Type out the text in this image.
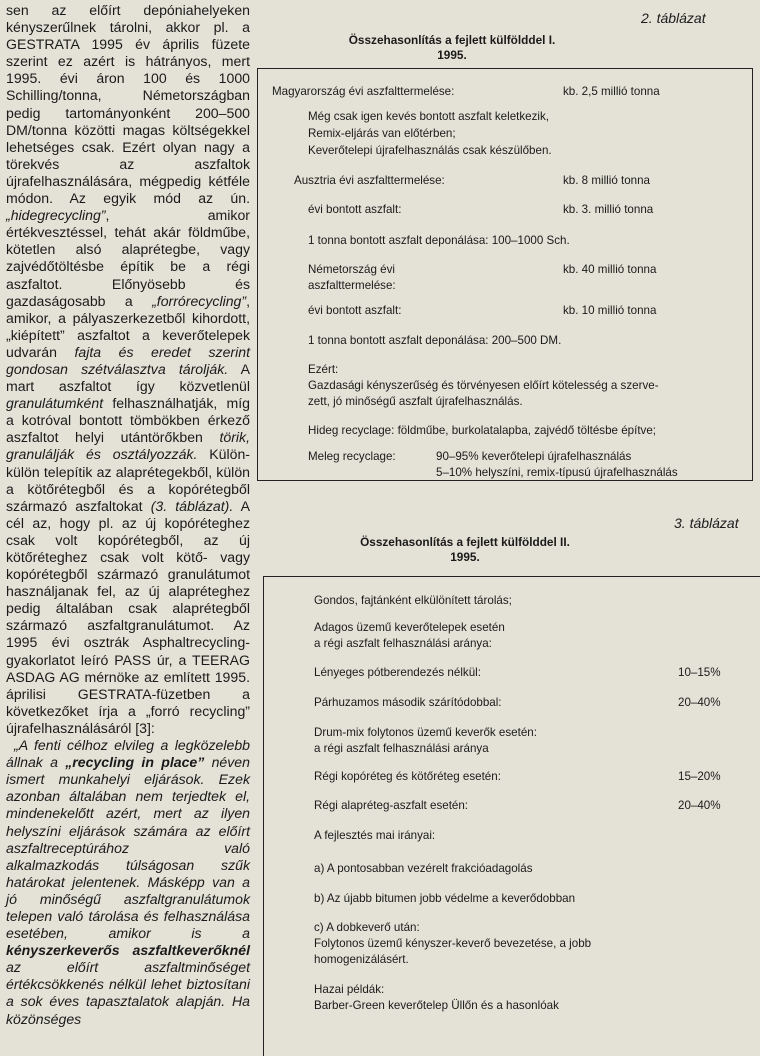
sen az előírt depóniahelyeken kényszerűlnek tárolni, akkor pl. a GESTRATA 1995 év április füzete szerint ez azért is hátrányos, mert 1995. évi áron 100 és 1000 Schilling/tonna, Németországban pedig tartományonként 200–500 DM/tonna közötti magas költségekkel lehetséges csak. Ezért olyan nagy a törekvés az aszfaltok újrafelhasználására, mégpedig kétféle módon. Az egyik mód az ún. „hidegrecycling”, amikor értékvesztéssel, tehát akár földműbe, kötetlen alsó alaprétegbe, vagy zajvédőtöltésbe építik be a régi aszfaltot. Előnyösebb és gazdaságosabb a „forrórecycling”, amikor, a pályaszerkezetből kihordott, „kiépített” aszfaltot a keverőtelepek udvarán fajta és eredet szerint gondosan szétválasztva tárolják. A mart aszfaltot így közvetlenül granulátumként felhasználhatják, míg a kotróval bontott tömbökben érkező aszfaltot helyi utántörőkben törik, granulálják és osztályozzák. Külön-külön telepítik az alaprétegekből, külön a kötőrétegből és a kopórétegből származó aszfaltokat (3. táblázat). A cél az, hogy pl. az új kopóréteghez csak volt kopórétegből, az új kötőréteghez csak volt kötő- vagy kopórétegből származó granulátumot használjanak fel, az új alapréteghez pedig általában csak alaprétegből származó aszfaltgranulátumot. Az 1995 évi osztrák Asphaltrecycling-gyakorlatot leíró PASS úr, a TEERAG ASDAG AG mérnöke az említett 1995. áprilisi GESTRATA-füzetben a következőket írja a „forró recycling” újrafelhasználásáról [3]:

„A fenti célhoz elvileg a legközelebb állnak a „recycling in place” néven ismert munkahelyi eljárások. Ezek azonban általában nem terjedtek el, mindenekelőtt azért, mert az ilyen helyszíni eljárások számára az előírt aszfaltreceptúrához való alkalmazkodás túlságosan szűk határokat jelentenek. Másképp van a jó minőségű aszfaltgranulátumok telepen való tárolása és felhasználása esetében, amikor is a kényszerkeverős aszfaltkeverőknél az előírt aszfaltminőséget értékcsökkenés nélkül lehet biztosítani a sok éves tapasztalatok alapján. Ha közönséges

2. táblázat
Összehasonlítás a fejlett külfölddel I.
1995.
Magyarország évi aszfalttermelése:	kb. 2,5 millió tonna
Még csak igen kevés bontott aszfalt keletkezik,
Remix-eljárás van előtérben;
Keverőtelepi újrafelhasználás csak készülőben.
Ausztria évi aszfalttermelése:	kb. 8 millió tonna
évi bontott aszfalt:	kb. 3. millió tonna
1 tonna bontott aszfalt deponálása: 100–1000 Sch.
Németország évi	kb. 40 millió tonna
aszfalttermelése:
évi bontott aszfalt:	kb. 10 millió tonna
1 tonna bontott aszfalt deponálása: 200–500 DM.
Ezért:
Gazdasági kényszerűség és törvényesen előírt kötelesség a szerve-
zett, jó minőségű aszfalt újrafelhasználás.
Hideg recyclage: földműbe, burkolatalapba, zajvédő töltésbe építve;
Meleg recyclage:	90–95% keverőtelepi újrafelhasználás
5–10% helyszíni, remix-típusú újrafelhasználás
3. táblázat
Összehasonlítás a fejlett külfölddel II.
1995.
Gondos, fajtánként elkülönített tárolás;
Adagos üzemű keverőtelepek esetén
a régi aszfalt felhasználási aránya:
Lényeges pótberendezés nélkül:	10–15%
Párhuzamos második szárítódobbal:	20–40%
Drum-mix folytonos üzemű keverők esetén:
a régi aszfalt felhasználási aránya
Régi kopóréteg és kötőréteg esetén:	15–20%
Régi alapréteg-aszfalt esetén:	20–40%
A fejlesztés mai irányai:
a) A pontosabban vezérelt frakcióadagolás
b) Az újabb bitumen jobb védelme a keverődobban
c) A dobkeverő után:
Folytonos üzemű kényszer-keverő bevezetése, a jobb
homogenizálásért.
Hazai példák:
Barber-Green keverőtelep Üllőn és a hasonlóak
